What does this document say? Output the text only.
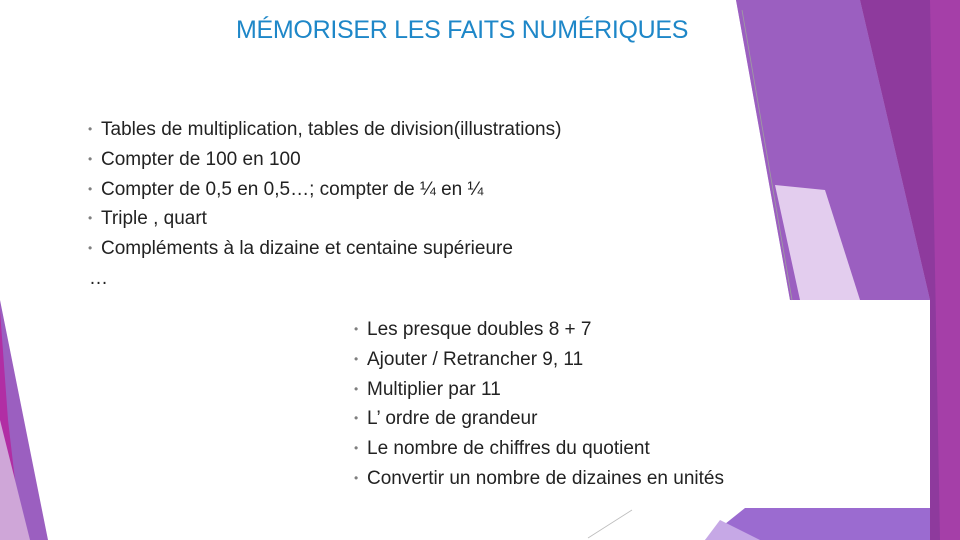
MÉMORISER LES FAITS NUMÉRIQUES
• Tables de multiplication, tables de division(illustrations)
• Compter de 100 en 100
• Compter de 0,5 en 0,5…; compter de ¼ en ¼
• Triple , quart
• Compléments à la dizaine et centaine supérieure
…
• Les presque doubles 8 + 7
• Ajouter / Retrancher 9, 11
• Multiplier par 11
• L’ ordre de grandeur
• Le nombre de chiffres du quotient
• Convertir un nombre de dizaines en unités
